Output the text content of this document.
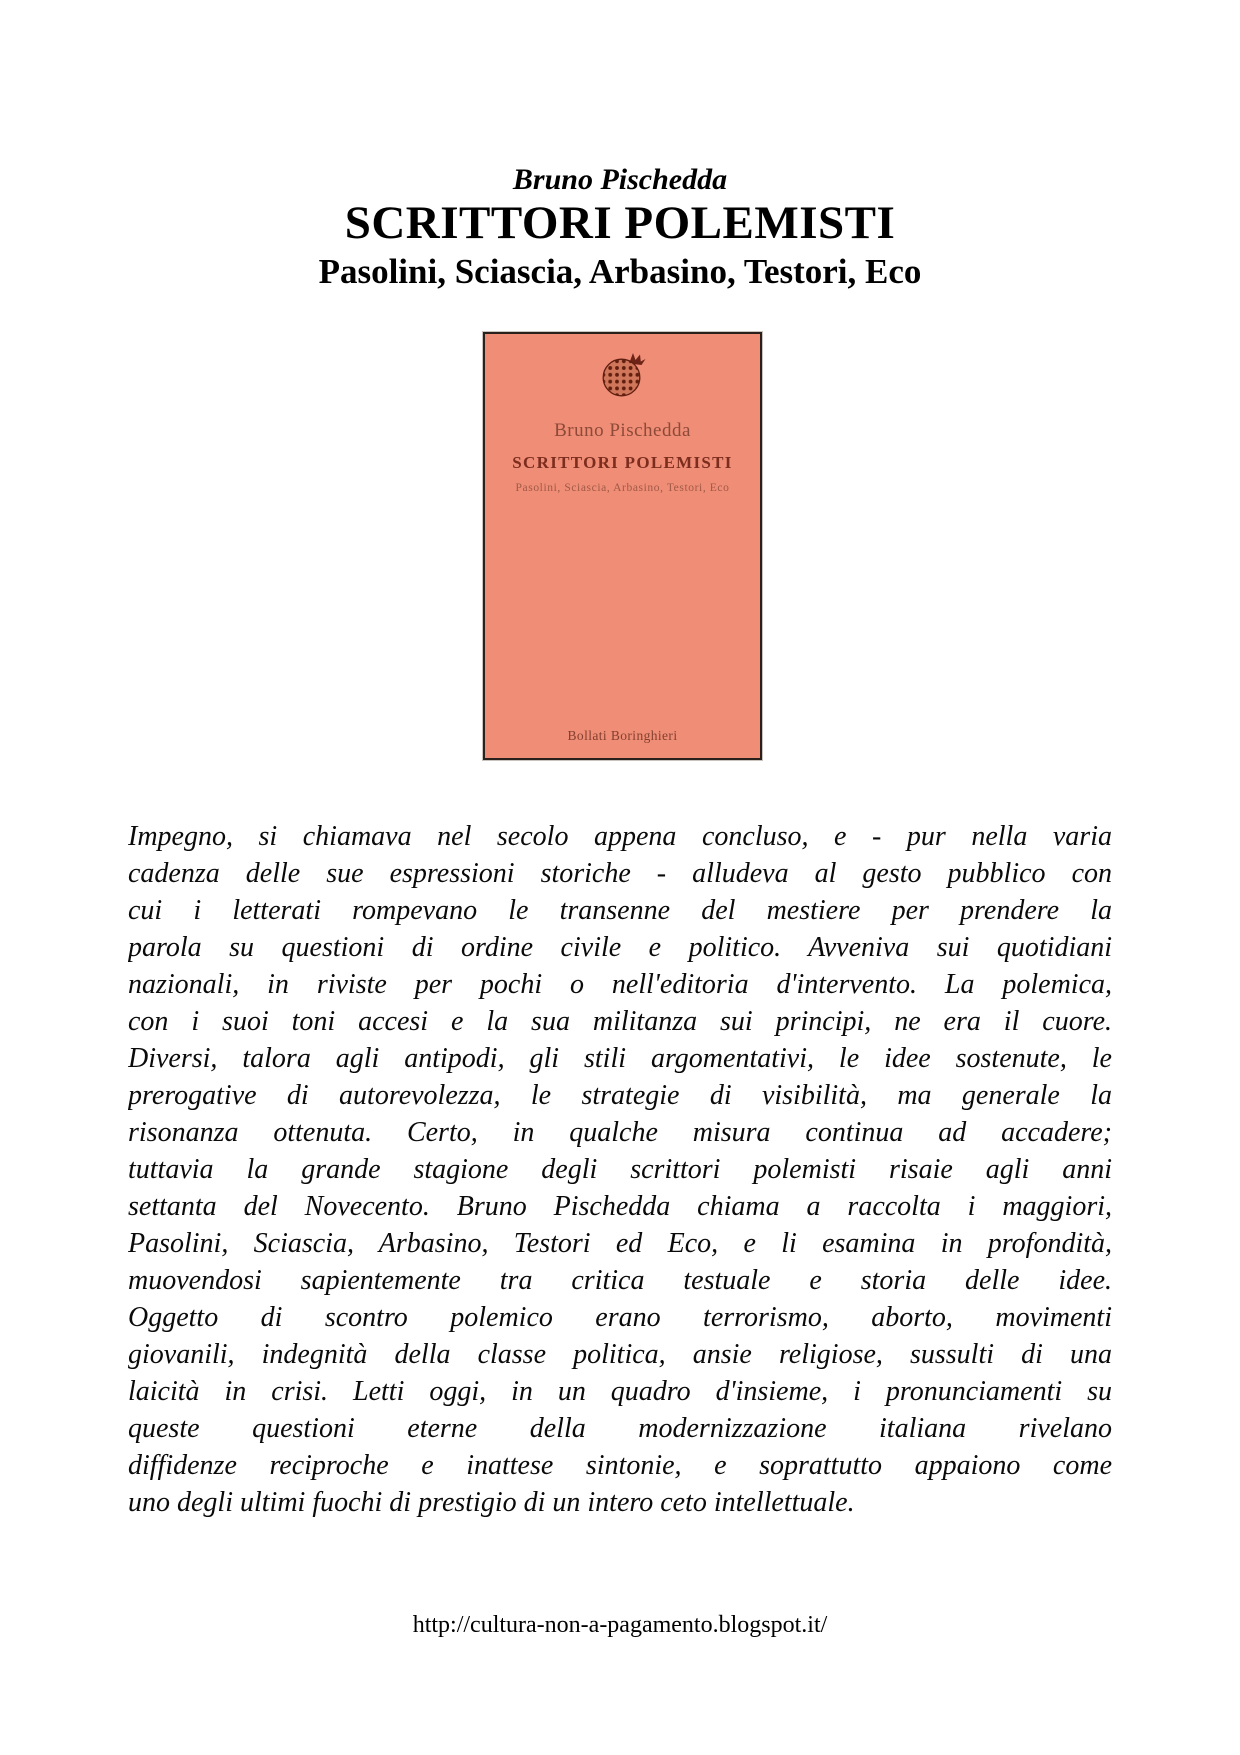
Bruno Pischedda
SCRITTORI POLEMISTI
Pasolini, Sciascia, Arbasino, Testori, Eco
Bruno Pischedda
SCRITTORI POLEMISTI
Pasolini, Sciascia, Arbasino, Testori, Eco
Bollati Boringhieri
Impegno, si chiamava nel secolo appena concluso, e - pur nella varia
cadenza delle sue espressioni storiche - alludeva al gesto pubblico con
cui i letterati rompevano le transenne del mestiere per prendere la
parola su questioni di ordine civile e politico. Avveniva sui quotidiani
nazionali, in riviste per pochi o nell'editoria d'intervento. La polemica,
con i suoi toni accesi e la sua militanza sui principi, ne era il cuore.
Diversi, talora agli antipodi, gli stili argomentativi, le idee sostenute, le
prerogative di autorevolezza, le strategie di visibilità, ma generale la
risonanza ottenuta. Certo, in qualche misura continua ad accadere;
tuttavia la grande stagione degli scrittori polemisti risaie agli anni
settanta del Novecento. Bruno Pischedda chiama a raccolta i maggiori,
Pasolini, Sciascia, Arbasino, Testori ed Eco, e li esamina in profondità,
muovendosi sapientemente tra critica testuale e storia delle idee.
Oggetto di scontro polemico erano terrorismo, aborto, movimenti
giovanili, indegnità della classe politica, ansie religiose, sussulti di una
laicità in crisi. Letti oggi, in un quadro d'insieme, i pronunciamenti su
queste questioni eterne della modernizzazione italiana rivelano
diffidenze reciproche e inattese sintonie, e soprattutto appaiono come
uno degli ultimi fuochi di prestigio di un intero ceto intellettuale.
http://cultura-non-a-pagamento.blogspot.it/
